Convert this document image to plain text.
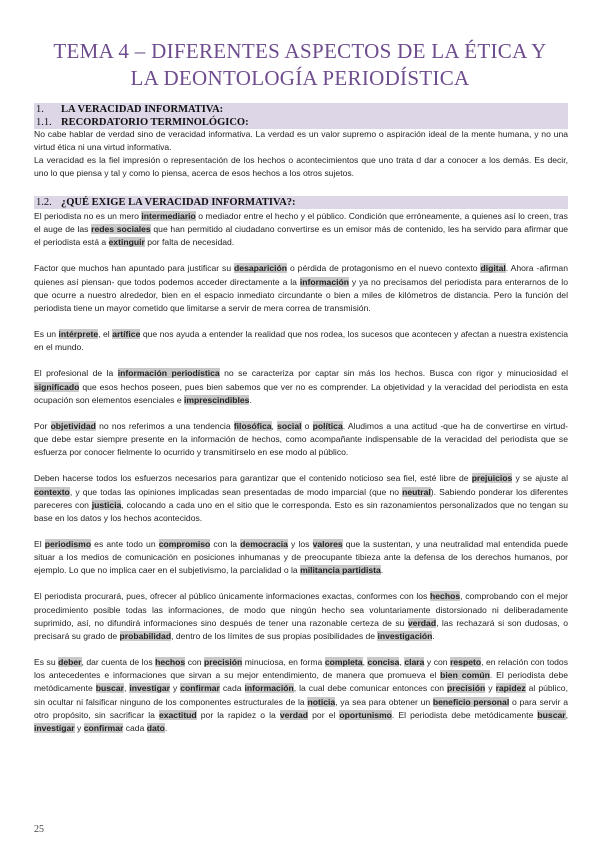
TEMA 4 – DIFERENTES ASPECTOS DE LA ÉTICA Y
LA DEONTOLOGÍA PERIODÍSTICA
1. LA VERACIDAD INFORMATIVA:
1.1. RECORDATORIO TERMINOLÓGICO:

No cabe hablar de verdad sino de veracidad informativa. La verdad es un valor supremo o aspiración ideal de la mente humana, y no una virtud ética ni una virtud informativa.

La veracidad es la fiel impresión o representación de los hechos o acontecimientos que uno trata d dar a conocer a los demás. Es decir, uno lo que piensa y tal y como lo piensa, acerca de esos hechos a los otros sujetos.

1.2. ¿QUÉ EXIGE LA VERACIDAD INFORMATIVA?:

El periodista no es un mero intermediario o mediador entre el hecho y el público. Condición que erróneamente, a quienes así lo creen, tras el auge de las redes sociales que han permitido al ciudadano convertirse es un emisor más de contenido, les ha servido para afirmar que el periodista está a extinguir por falta de necesidad.

Factor que muchos han apuntado para justificar su desaparición o pérdida de protagonismo en el nuevo contexto digital. Ahora -afirman quienes así piensan- que todos podemos acceder directamente a la información y ya no precisamos del periodista para enterarnos de lo que ocurre a nuestro alrededor, bien en el espacio inmediato circundante o bien a miles de kilómetros de distancia. Pero la función del periodista tiene un mayor cometido que limitarse a servir de mera correa de transmisión.

Es un intérprete, el artífice que nos ayuda a entender la realidad que nos rodea, los sucesos que acontecen y afectan a nuestra existencia en el mundo.

El profesional de la información periodística no se caracteriza por captar sin más los hechos. Busca con rigor y minuciosidad el significado que esos hechos poseen, pues bien sabemos que ver no es comprender. La objetividad y la veracidad del periodista en esta ocupación son elementos esenciales e imprescindibles.

Por objetividad no nos referimos a una tendencia filosófica, social o política. Aludimos a una actitud -que ha de convertirse en virtud- que debe estar siempre presente en la información de hechos, como acompañante indispensable de la veracidad del periodista que se esfuerza por conocer fielmente lo ocurrido y transmitírselo en ese modo al público.

Deben hacerse todos los esfuerzos necesarios para garantizar que el contenido noticioso sea fiel, esté libre de prejuicios y se ajuste al contexto, y que todas las opiniones implicadas sean presentadas de modo imparcial (que no neutral). Sabiendo ponderar los diferentes pareceres con justicia, colocando a cada uno en el sitio que le corresponda. Esto es sin razonamientos personalizados que no tengan su base en los datos y los hechos acontecidos.

El periodismo es ante todo un compromiso con la democracia y los valores que la sustentan, y una neutralidad mal entendida puede situar a los medios de comunicación en posiciones inhumanas y de preocupante tibieza ante la defensa de los derechos humanos, por ejemplo. Lo que no implica caer en el subjetivismo, la parcialidad o la militancia partidista.

El periodista procurará, pues, ofrecer al público únicamente informaciones exactas, conformes con los hechos, comprobando con el mejor procedimiento posible todas las informaciones, de modo que ningún hecho sea voluntariamente distorsionado ni deliberadamente suprimido, así, no difundirá informaciones sino después de tener una razonable certeza de su verdad, las rechazará si son dudosas, o precisará su grado de probabilidad, dentro de los límites de sus propias posibilidades de investigación.

Es su deber, dar cuenta de los hechos con precisión minuciosa, en forma completa, concisa, clara y con respeto, en relación con todos los antecedentes e informaciones que sirvan a su mejor entendimiento, de manera que promueva el bien común. El periodista debe metódicamente buscar, investigar y confirmar cada información, la cual debe comunicar entonces con precisión y rapidez al público, sin ocultar ni falsificar ninguno de los componentes estructurales de la noticia, ya sea para obtener un beneficio personal o para servir a otro propósito, sin sacrificar la exactitud por la rapidez o la verdad por el oportunismo. El periodista debe metódicamente buscar, investigar y confirmar cada dato.

25
